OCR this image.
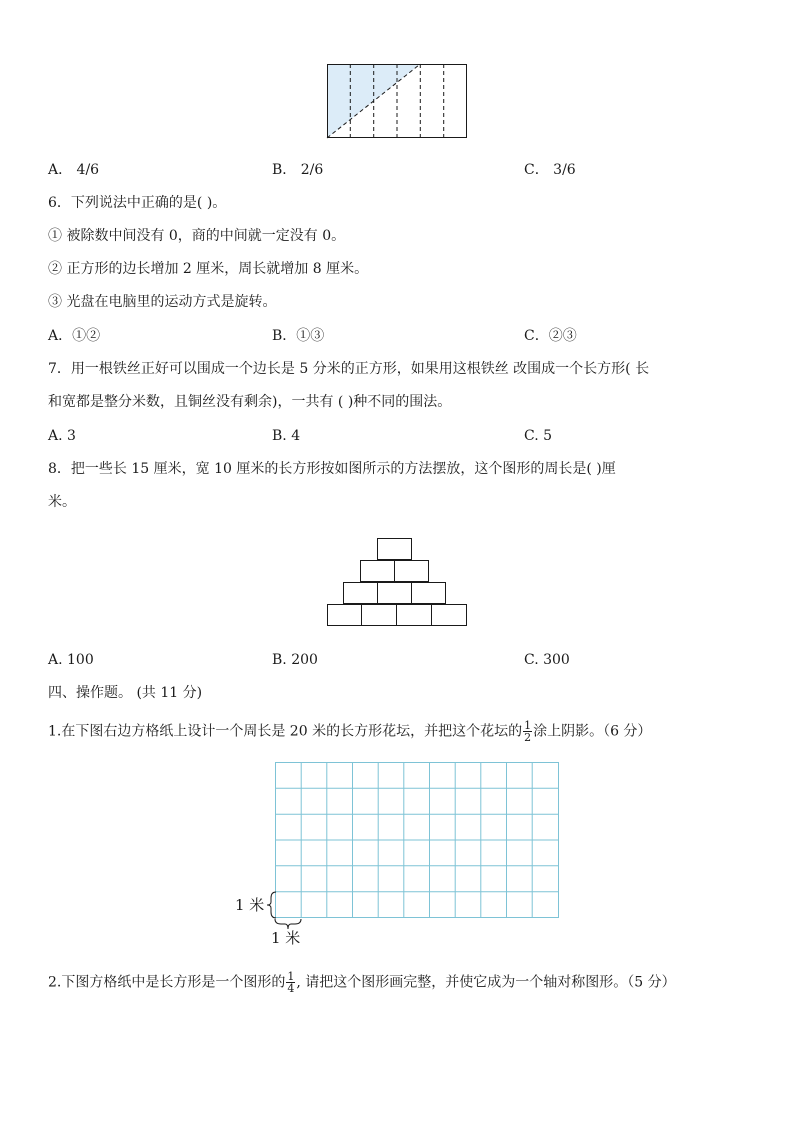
A． 4/6	B． 2/6	C． 3/6
6．下列说法中正确的是( )。
① 被除数中间没有 0，商的中间就一定没有 0。
② 正方形的边长增加 2 厘米，周长就增加 8 厘米。
③ 光盘在电脑里的运动方式是旋转。
A．①②	B．①③	C．②③
7．用一根铁丝正好可以围成一个边长是 5 分米的正方形，如果用这根铁丝 改围成一个长方形( 长
和宽都是整分米数，且铜丝没有剩余)，一共有 ( )种不同的围法。
A. 3	B. 4	C. 5
8．把一些长 15 厘米，宽 10 厘米的长方形按如图所示的方法摆放，这个图形的周长是( )厘
米。
A. 100	B. 200	C. 300
四、操作题。 (共 11 分)
1.在下图右边方格纸上设计一个周长是 20 米的长方形花坛，并把这个花坛的 $\frac{1}{2}$ 涂上阴影。（6 分）
1 米
1 米
2.下图方格纸中是长方形是一个图形的 $\frac{1}{4}$ , 请把这个图形画完整，并使它成为一个轴对称图形。（5 分）
